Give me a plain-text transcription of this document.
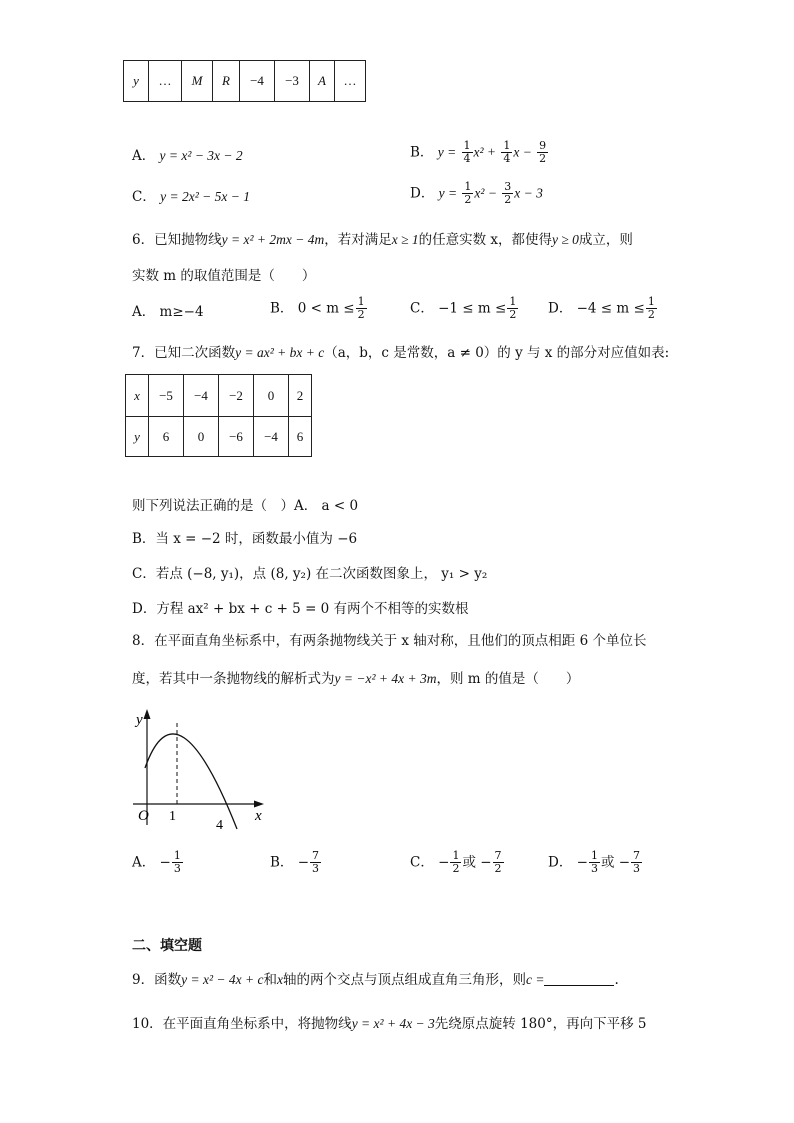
y	…	M	R	−4	−3	A	…
A． y = x² − 3x − 2	B． $y = \frac{1}{4} x^2 + \frac{1}{4}$ $x - \frac{9}{2}$
C． y = 2x² − 5x − 1	D． $y = \frac{1}{2} x^2 - \frac{3}{2}$ x − 3
6．已知抛物线y = x² + 2mx − 4m，若对满足x ≥ 1的任意实数 x，都使得y ≥ 0成立，则
实数 m 的取值范围是（　　）
A． m≥−4	B． $0 < m \le \frac{1}{2}$	C． $-1 \le m \le \frac{1}{2}$ D． $-4 \le m \le \frac{1}{2}$
7．已知二次函数y = ax² + bx + c（a，b，c 是常数，a ≠ 0）的 y 与 x 的部分对应值如表:
x	−5	−4	−2	0	2
y	6	0	−6	−4	6
则下列说法正确的是（　）A． a < 0
B．当 x = −2 时，函数最小值为 −6
C．若点 (−8, y₁)，点 (8, y₂) 在二次函数图象上， y₁ > y₂
D．方程 ax² + bx + c + 5 = 0 有两个不相等的实数根
8．在平面直角坐标系中，有两条抛物线关于 x 轴对称，且他们的顶点相距 6 个单位长
度，若其中一条抛物线的解析式为y = −x² + 4x + 3m，则 m 的值是（　　）
y
x
O 1
4
A． − $\frac{1}{3}$	B． − $\frac{7}{3}$	C． − $\frac{1}{2}$ 或 − $\frac{7}{2}$	D． − $\frac{1}{3}$ 或 − $\frac{7}{3}$
二、填空题
9．函数y = x² − 4x + c和x轴的两个交点与顶点组成直角三角形，则c =	.
10．在平面直角坐标系中，将抛物线y = x² + 4x − 3先绕原点旋转 180°，再向下平移 5
